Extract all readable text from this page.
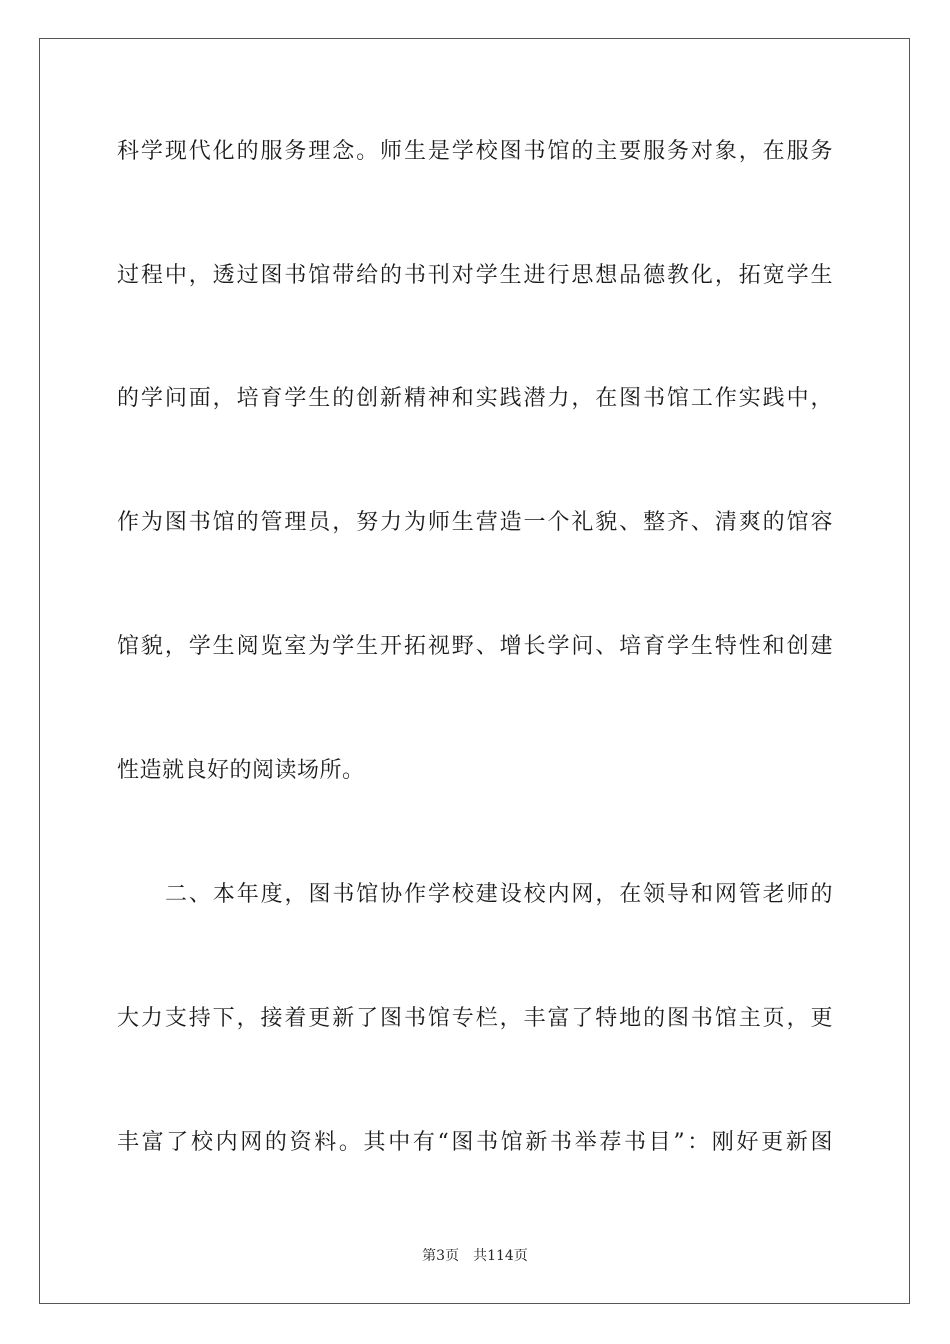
科学现代化的服务理念。师生是学校图书馆的主要服务对象，在服务
过程中，透过图书馆带给的书刊对学生进行思想品德教化，拓宽学生
的学问面，培育学生的创新精神和实践潜力，在图书馆工作实践中，
作为图书馆的管理员，努力为师生营造一个礼貌、整齐、清爽的馆容
馆貌，学生阅览室为学生开拓视野、增长学问、培育学生特性和创建
性造就良好的阅读场所。
二、本年度，图书馆协作学校建设校内网，在领导和网管老师的
大力支持下，接着更新了图书馆专栏，丰富了特地的图书馆主页，更
丰富了校内网的资料。其中有“图书馆新书举荐书目”：刚好更新图
第3页 共114页
